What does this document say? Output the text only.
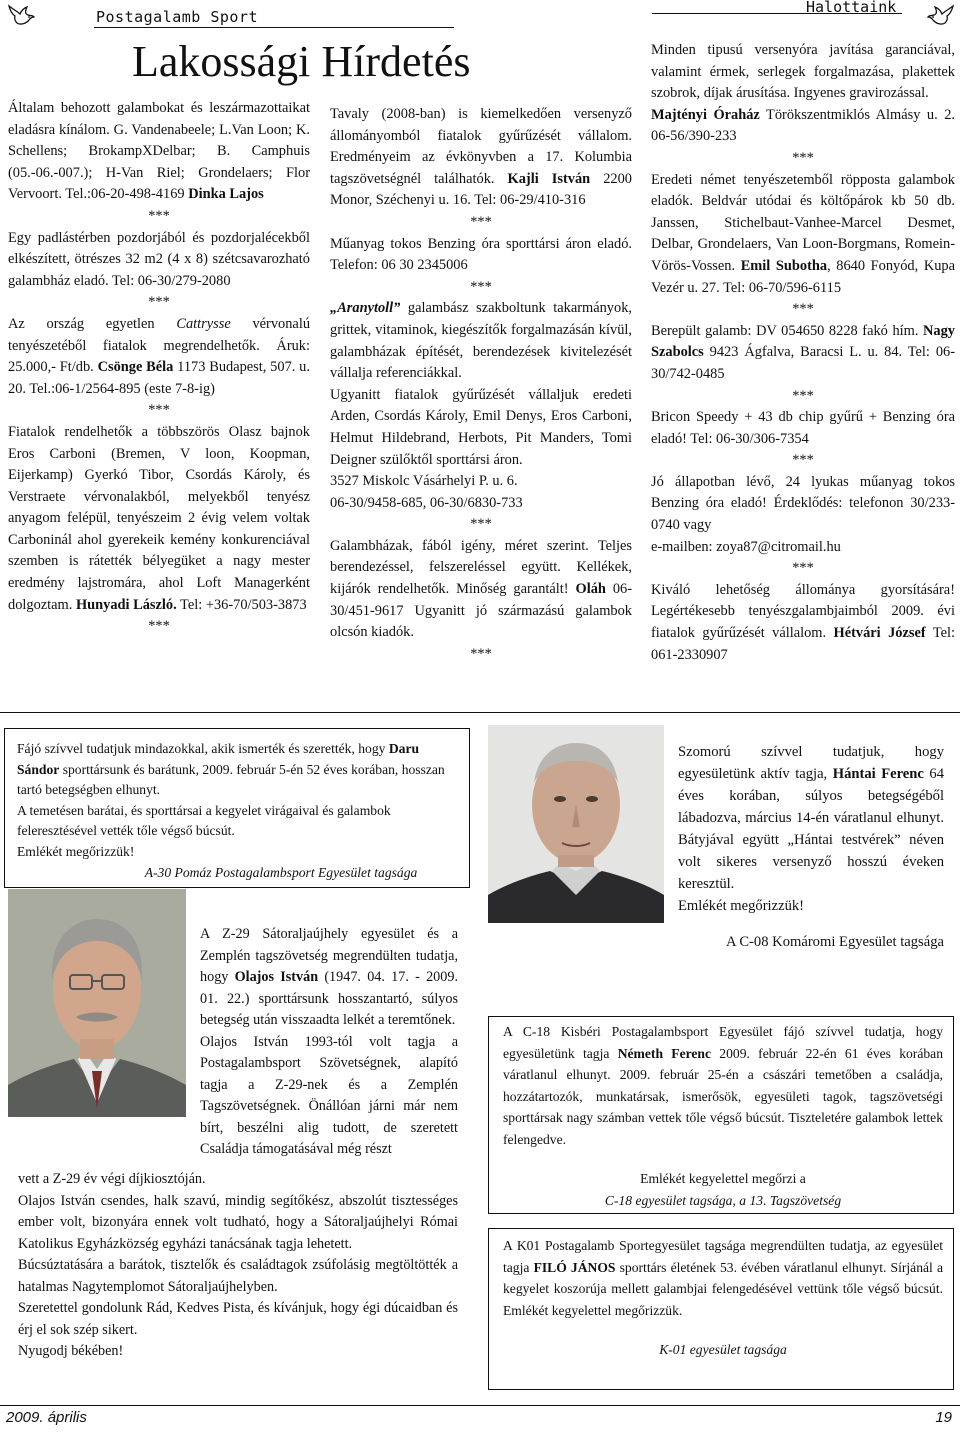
Postagalamb Sport
Halottaink
Lakossági Hírdetés

Általam behozott galambokat és leszármazottaikat eladásra kínálom. G. Vandenabeele; L.Van Loon; K. Schellens; BrokampXDelbar; B. Camphuis (05.-06.-007.); H-Van Riel; Grondelaers; Flor Vervoort. Tel.:06-20-498-4169 Dinka Lajos

***

Egy padlástérben pozdorjából és pozdorjalécekből elkészített, ötrészes 32 m2 (4 x 8) szétcsavarozható galambház eladó. Tel: 06-30/279-2080

***

Az ország egyetlen Cattrysse vérvonalú tenyészetéből fiatalok megrendelhetők. Áruk: 25.000,- Ft/db. Csönge Béla 1173 Budapest, 507. u. 20. Tel.:06-1/2564-895 (este 7-8-ig)

***

Fiatalok rendelhetők a többszörös Olasz bajnok Eros Carboni (Bremen, V loon, Koopman, Eijerkamp) Gyerkó Tibor, Csordás Károly, és Verstraete vérvonalakból, melyekből tenyész anyagom felépül, tenyészeim 2 évig velem voltak Carboninál ahol gyerekeik kemény konkurenciával szemben is rátették bélyegüket a nagy mester eredmény lajstromára, ahol Loft Managerként dolgoztam. Hunyadi László. Tel: +36-70/503-3873

***

Tavaly (2008-ban) is kiemelkedően versenyző állományomból fiatalok gyűrűzését vállalom. Eredményeim az évkönyvben a 17. Kolumbia tagszövetségnél találhatók. Kajli István 2200 Monor, Széchenyi u. 16. Tel: 06-29/410-316

***

Műanyag tokos Benzing óra sporttársi áron eladó. Telefon: 06 30 2345006

***

„Aranytoll” galambász szakboltunk takarmányok, grittek, vitaminok, kiegészítők forgalmazásán kívül, galambházak építését, berendezések kivitelezését vállalja referenciákkal.

Ugyanitt fiatalok gyűrűzését vállaljuk eredeti Arden, Csordás Károly, Emil Denys, Eros Carboni, Helmut Hildebrand, Herbots, Pit Manders, Tomi Deigner szülőktől sporttársi áron.

3527 Miskolc Vásárhelyi P. u. 6.

06-30/9458-685, 06-30/6830-733

***

Galambházak, fából igény, méret szerint. Teljes berendezéssel, felszereléssel együtt. Kellékek, kijárók rendelhetők. Minőség garantált! Oláh 06-30/451-9617 Ugyanitt jó származású galambok olcsón kiadók.

***

Minden tipusú versenyóra javítása garanciával, valamint érmek, serlegek forgalmazása, plakettek szobrok, díjak árusítása. Ingyenes gravirozással.

Majtényi Óraház Törökszentmiklós Almásy u. 2. 06-56/390-233

***

Eredeti német tenyészetemből röpposta galambok eladók. Beldvár utódai és költőpárok kb 50 db. Janssen, Stichelbaut-Vanhee-Marcel Desmet, Delbar, Grondelaers, Van Loon-Borgmans, Romein-Vörös-Vossen. Emil Subotha, 8640 Fonyód, Kupa Vezér u. 27. Tel: 06-70/596-6115

***

Berepült galamb: DV 054650 8228 fakó hím. Nagy Szabolcs 9423 Ágfalva, Baracsi L. u. 84. Tel: 06-30/742-0485

***

Bricon Speedy + 43 db chip gyűrű + Benzing óra eladó! Tel: 06-30/306-7354

***

Jó állapotban lévő, 24 lyukas műanyag tokos Benzing óra eladó! Érdeklődés: telefonon 30/233-0740 vagy

e-mailben: zoya87@citromail.hu

***

Kiváló lehetőség állománya gyorsítására! Legértékesebb tenyészgalambjaimból 2009. évi fiatalok gyűrűzését vállalom. Hétvári József Tel: 061-2330907

Fájó szívvel tudatjuk mindazokkal, akik ismerték és szerették, hogy Daru Sándor sporttársunk és barátunk, 2009. február 5-én 52 éves korában, hosszan tartó betegségben elhunyt.

A temetésen barátai, és sporttársai a kegyelet virágaival és galambok feleresztésével vették tőle végső búcsút.

Emlékét megőrizzük!

A-30 Pomáz Postagalambsport Egyesület tagsága

Szomorú szívvel tudatjuk, hogy egyesületünk aktív tagja, Hántai Ferenc 64 éves korában, súlyos betegségéből lábadozva, március 14-én váratlanul elhunyt. Bátyjával együtt „Hántai testvérek” néven volt sikeres versenyző hosszú éveken keresztül.

Emlékét megőrizzük!

A C-08 Komáromi Egyesület tagsága

A Z-29 Sátoraljaújhely egyesület és a Zemplén tagszövetség megrendülten tudatja, hogy Olajos István (1947. 04. 17. - 2009. 01. 22.) sporttársunk hosszantartó, súlyos betegség után visszaadta lelkét a teremtőnek.

Olajos István 1993-tól volt tagja a Postagalambsport Szövetségnek, alapító tagja a Z-29-nek és a Zemplén Tagszövetségnek. Önállóan járni már nem bírt, beszélni alig tudott, de szeretett Családja támogatásával még részt

vett a Z-29 év végi díjkiosztóján.

Olajos István csendes, halk szavú, mindig segítőkész, abszolút tisztességes ember volt, bizonyára ennek volt tudható, hogy a Sátoraljaújhelyi Római Katolikus Egyházközség egyházi tanácsának tagja lehetett.

Búcsúztatására a barátok, tisztelők és családtagok zsúfolásig megtöltötték a hatalmas Nagytemplomot Sátoraljaújhelyben.

Szeretettel gondolunk Rád, Kedves Pista, és kívánjuk, hogy égi dúcaidban és érj el sok szép sikert.

Nyugodj békében!

A C-18 Kisbéri Postagalambsport Egyesület fájó szívvel tudatja, hogy egyesületünk tagja Németh Ferenc 2009. február 22-én 61 éves korában váratlanul elhunyt. 2009. február 25-én a császári temetőben a családja, hozzátartozók, munkatársak, ismerősök, egyesületi tagok, tagszövetségi sporttársak nagy számban vettek tőle végső búcsút. Tiszteletére galambok lettek felengedve.

Emlékét kegyelettel megőrzi a

C-18 egyesület tagsága, a 13. Tagszövetség

A K01 Postagalamb Sportegyesület tagsága megrendülten tudatja, az egyesület tagja FILÓ JÁNOS sporttárs életének 53. évében váratlanul elhunyt. Sírjánál a kegyelet koszorúja mellett galambjai felengedésével vettünk tőle végső búcsút. Emlékét kegyelettel megőrizzük.

K-01 egyesület tagsága

2009. április	19
